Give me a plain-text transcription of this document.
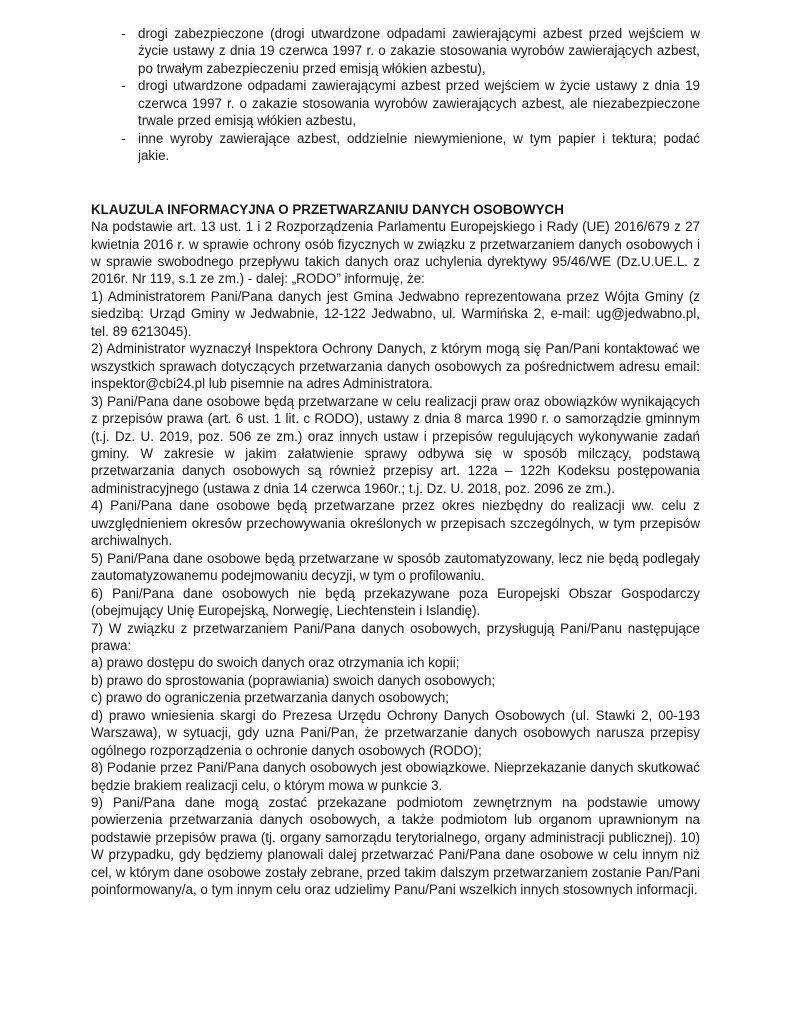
- drogi zabezpieczone (drogi utwardzone odpadami zawierającymi azbest przed wejściem w życie ustawy z dnia 19 czerwca 1997 r. o zakazie stosowania wyrobów zawierających azbest, po trwałym zabezpieczeniu przed emisją włókien azbestu),
- drogi utwardzone odpadami zawierającymi azbest przed wejściem w życie ustawy z dnia 19 czerwca 1997 r. o zakazie stosowania wyrobów zawierających azbest, ale niezabezpieczone trwale przed emisją włókien azbestu,
- inne wyroby zawierające azbest, oddzielnie niewymienione, w tym papier i tektura; podać jakie.

KLAUZULA INFORMACYJNA O PRZETWARZANIU DANYCH OSOBOWYCH

Na podstawie art. 13 ust. 1 i 2 Rozporządzenia Parlamentu Europejskiego i Rady (UE) 2016/679 z 27 kwietnia 2016 r. w sprawie ochrony osób fizycznych w związku z przetwarzaniem danych osobowych i w sprawie swobodnego przepływu takich danych oraz uchylenia dyrektywy 95/46/WE (Dz.U.UE.L. z 2016r. Nr 119, s.1 ze zm.) - dalej: „RODO” informuję, że:

1) Administratorem Pani/Pana danych jest Gmina Jedwabno reprezentowana przez Wójta Gminy (z siedzibą: Urząd Gminy w Jedwabnie, 12-122 Jedwabno, ul. Warmińska 2, e-mail: ug@jedwabno.pl, tel. 89 6213045).

2) Administrator wyznaczył Inspektora Ochrony Danych, z którym mogą się Pan/Pani kontaktować we wszystkich sprawach dotyczących przetwarzania danych osobowych za pośrednictwem adresu email: inspektor@cbi24.pl lub pisemnie na adres Administratora.

3) Pani/Pana dane osobowe będą przetwarzane w celu realizacji praw oraz obowiązków wynikających z przepisów prawa (art. 6 ust. 1 lit. c RODO), ustawy z dnia 8 marca 1990 r. o samorządzie gminnym (t.j. Dz. U. 2019, poz. 506 ze zm.) oraz innych ustaw i przepisów regulujących wykonywanie zadań gminy. W zakresie w jakim załatwienie sprawy odbywa się w sposób milczący, podstawą przetwarzania danych osobowych są również przepisy art. 122a – 122h Kodeksu postępowania administracyjnego (ustawa z dnia 14 czerwca 1960r.; t.j. Dz. U. 2018, poz. 2096 ze zm.).

4) Pani/Pana dane osobowe będą przetwarzane przez okres niezbędny do realizacji ww. celu z uwzględnieniem okresów przechowywania określonych w przepisach szczególnych, w tym przepisów archiwalnych.

5) Pani/Pana dane osobowe będą przetwarzane w sposób zautomatyzowany, lecz nie będą podlegały zautomatyzowanemu podejmowaniu decyzji, w tym o profilowaniu.

6) Pani/Pana dane osobowych nie będą przekazywane poza Europejski Obszar Gospodarczy (obejmujący Unię Europejską, Norwegię, Liechtenstein i Islandię).

7) W związku z przetwarzaniem Pani/Pana danych osobowych, przysługują Pani/Panu następujące prawa:

a) prawo dostępu do swoich danych oraz otrzymania ich kopii;

b) prawo do sprostowania (poprawiania) swoich danych osobowych;

c) prawo do ograniczenia przetwarzania danych osobowych;

d) prawo wniesienia skargi do Prezesa Urzędu Ochrony Danych Osobowych (ul. Stawki 2, 00-193 Warszawa), w sytuacji, gdy uzna Pani/Pan, że przetwarzanie danych osobowych narusza przepisy ogólnego rozporządzenia o ochronie danych osobowych (RODO);

8) Podanie przez Pani/Pana danych osobowych jest obowiązkowe. Nieprzekazanie danych skutkować będzie brakiem realizacji celu, o którym mowa w punkcie 3.

9) Pani/Pana dane mogą zostać przekazane podmiotom zewnętrznym na podstawie umowy powierzenia przetwarzania danych osobowych, a także podmiotom lub organom uprawnionym na podstawie przepisów prawa (tj. organy samorządu terytorialnego, organy administracji publicznej). 10) W przypadku, gdy będziemy planowali dalej przetwarzać Pani/Pana dane osobowe w celu innym niż cel, w którym dane osobowe zostały zebrane, przed takim dalszym przetwarzaniem zostanie Pan/Pani poinformowany/a, o tym innym celu oraz udzielimy Panu/Pani wszelkich innych stosownych informacji.
